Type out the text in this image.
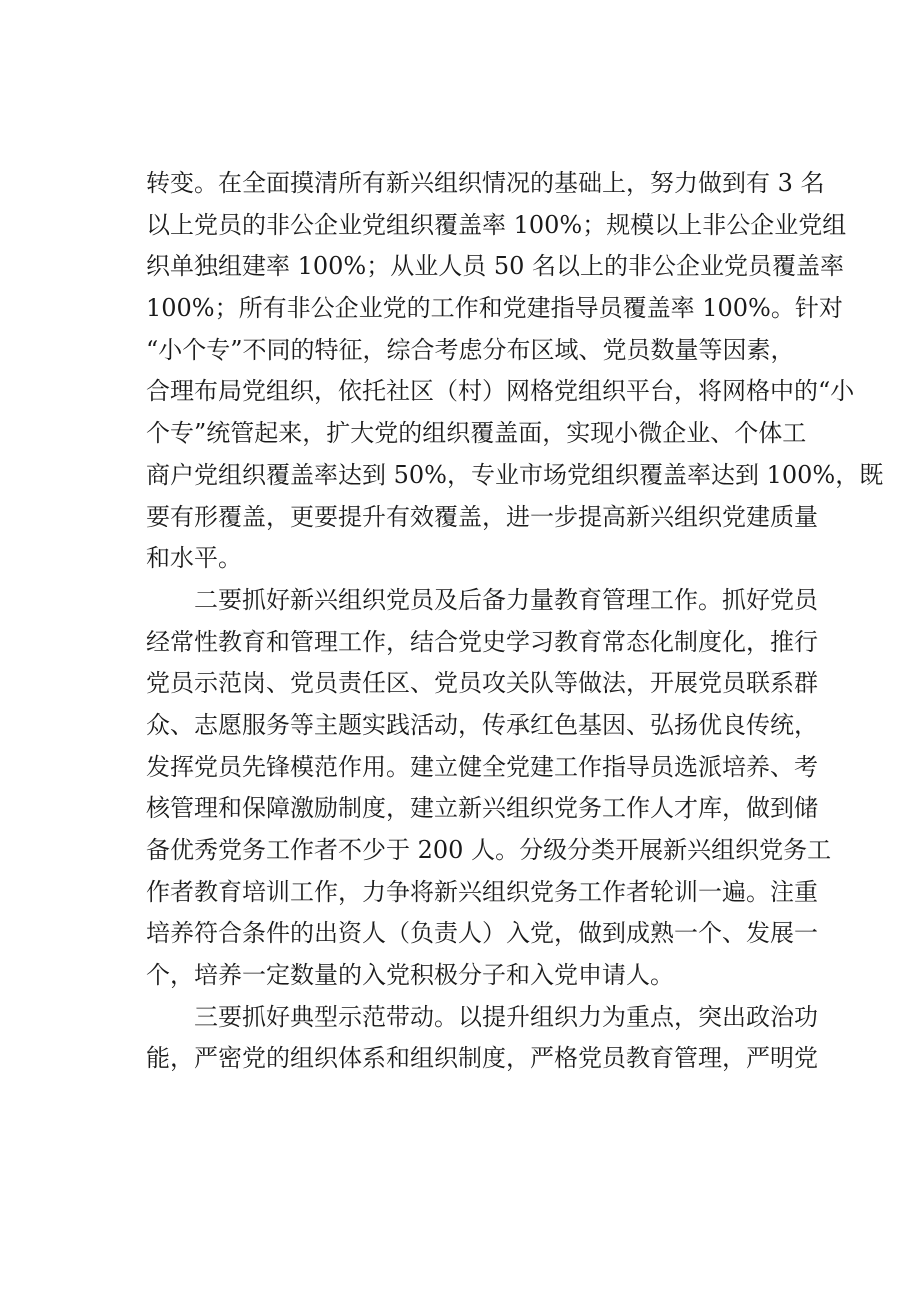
转变。在全面摸清所有新兴组织情况的基础上，努力做到有 3 名
以上党员的非公企业党组织覆盖率 100%；规模以上非公企业党组
织单独组建率 100%；从业人员 50 名以上的非公企业党员覆盖率
100%；所有非公企业党的工作和党建指导员覆盖率 100%。针对
“小个专”不同的特征，综合考虑分布区域、党员数量等因素，
合理布局党组织，依托社区（村）网格党组织平台，将网格中的“小
个专”统管起来，扩大党的组织覆盖面，实现小微企业、个体工
商户党组织覆盖率达到 50%，专业市场党组织覆盖率达到 100%，既
要有形覆盖，更要提升有效覆盖，进一步提高新兴组织党建质量
和水平。
二要抓好新兴组织党员及后备力量教育管理工作。抓好党员
经常性教育和管理工作，结合党史学习教育常态化制度化，推行
党员示范岗、党员责任区、党员攻关队等做法，开展党员联系群
众、志愿服务等主题实践活动，传承红色基因、弘扬优良传统，
发挥党员先锋模范作用。建立健全党建工作指导员选派培养、考
核管理和保障激励制度，建立新兴组织党务工作人才库，做到储
备优秀党务工作者不少于 200 人。分级分类开展新兴组织党务工
作者教育培训工作，力争将新兴组织党务工作者轮训一遍。注重
培养符合条件的出资人（负责人）入党，做到成熟一个、发展一
个，培养一定数量的入党积极分子和入党申请人。
三要抓好典型示范带动。以提升组织力为重点，突出政治功
能，严密党的组织体系和组织制度，严格党员教育管理，严明党
